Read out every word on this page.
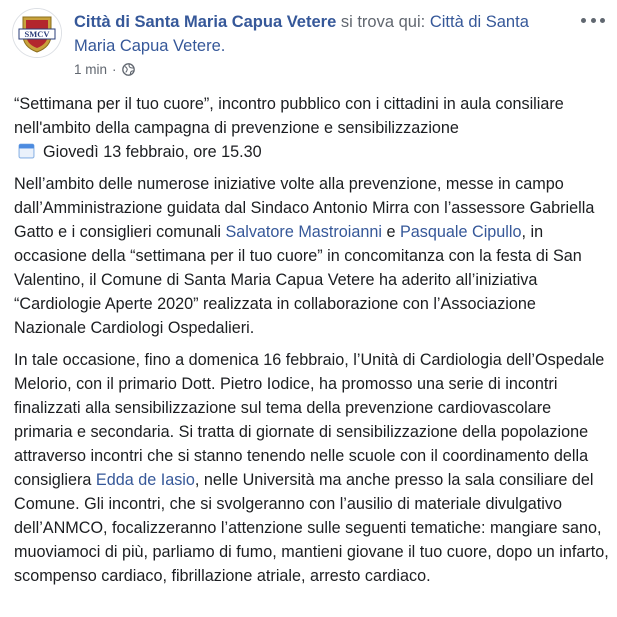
SMCV
Città di Santa Maria Capua Vetere si trova qui: Città di Santa Maria Capua Vetere.
1 min ·

“Settimana per il tuo cuore”, incontro pubblico con i cittadini in aula consiliare nell'ambito della campagna di prevenzione e sensibilizzazione

Giovedì 13 febbraio, ore 15.30

Nell’ambito delle numerose iniziative volte alla prevenzione, messe in campo dall’Amministrazione guidata dal Sindaco Antonio Mirra con l’assessore Gabriella Gatto e i consiglieri comunali Salvatore Mastroianni e Pasquale Cipullo, in occasione della “settimana per il tuo cuore” in concomitanza con la festa di San Valentino, il Comune di Santa Maria Capua Vetere ha aderito all’iniziativa “Cardiologie Aperte 2020” realizzata in collaborazione con l’Associazione Nazionale Cardiologi Ospedalieri.

In tale occasione, fino a domenica 16 febbraio, l’Unità di Cardiologia dell’Ospedale Melorio, con il primario Dott. Pietro Iodice, ha promosso una serie di incontri finalizzati alla sensibilizzazione sul tema della prevenzione cardiovascolare primaria e secondaria. Si tratta di giornate di sensibilizzazione della popolazione attraverso incontri che si stanno tenendo nelle scuole con il coordinamento della consigliera Edda de Iasio, nelle Università ma anche presso la sala consiliare del Comune. Gli incontri, che si svolgeranno con l’ausilio di materiale divulgativo dell’ANMCO, focalizzeranno l’attenzione sulle seguenti tematiche: mangiare sano, muoviamoci di più, parliamo di fumo, mantieni giovane il tuo cuore, dopo un infarto, scompenso cardiaco, fibrillazione atriale, arresto cardiaco.
